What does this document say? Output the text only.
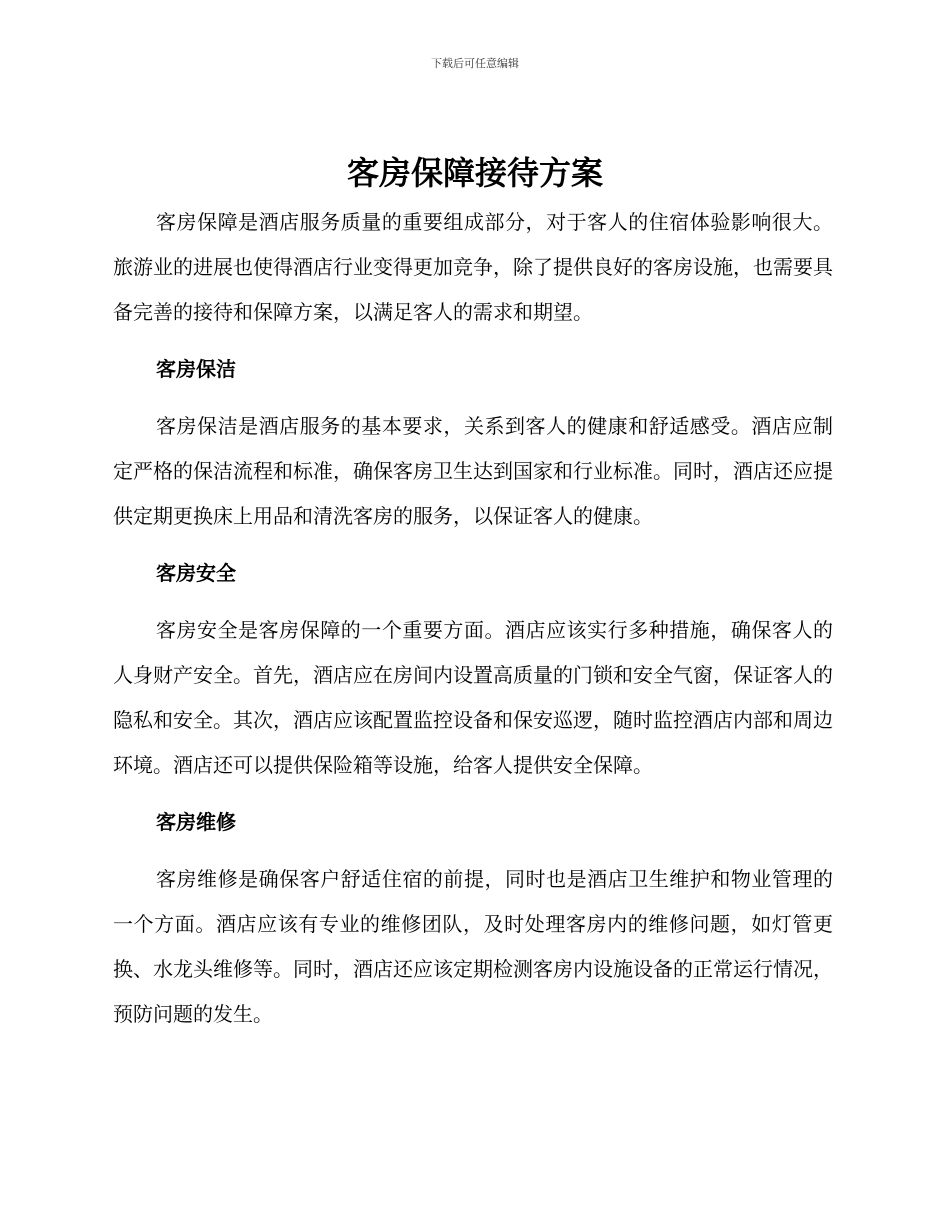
下载后可任意编辑
客房保障接待方案

客房保障是酒店服务质量的重要组成部分，对于客人的住宿体验影响很大。旅游业的进展也使得酒店行业变得更加竞争，除了提供良好的客房设施，也需要具备完善的接待和保障方案，以满足客人的需求和期望。

客房保洁

客房保洁是酒店服务的基本要求，关系到客人的健康和舒适感受。酒店应制定严格的保洁流程和标准，确保客房卫生达到国家和行业标准。同时，酒店还应提供定期更换床上用品和清洗客房的服务，以保证客人的健康。

客房安全

客房安全是客房保障的一个重要方面。酒店应该实行多种措施，确保客人的人身财产安全。首先，酒店应在房间内设置高质量的门锁和安全气窗，保证客人的隐私和安全。其次，酒店应该配置监控设备和保安巡逻，随时监控酒店内部和周边环境。酒店还可以提供保险箱等设施，给客人提供安全保障。

客房维修

客房维修是确保客户舒适住宿的前提，同时也是酒店卫生维护和物业管理的一个方面。酒店应该有专业的维修团队，及时处理客房内的维修问题，如灯管更换、水龙头维修等。同时，酒店还应该定期检测客房内设施设备的正常运行情况，预防问题的发生。
